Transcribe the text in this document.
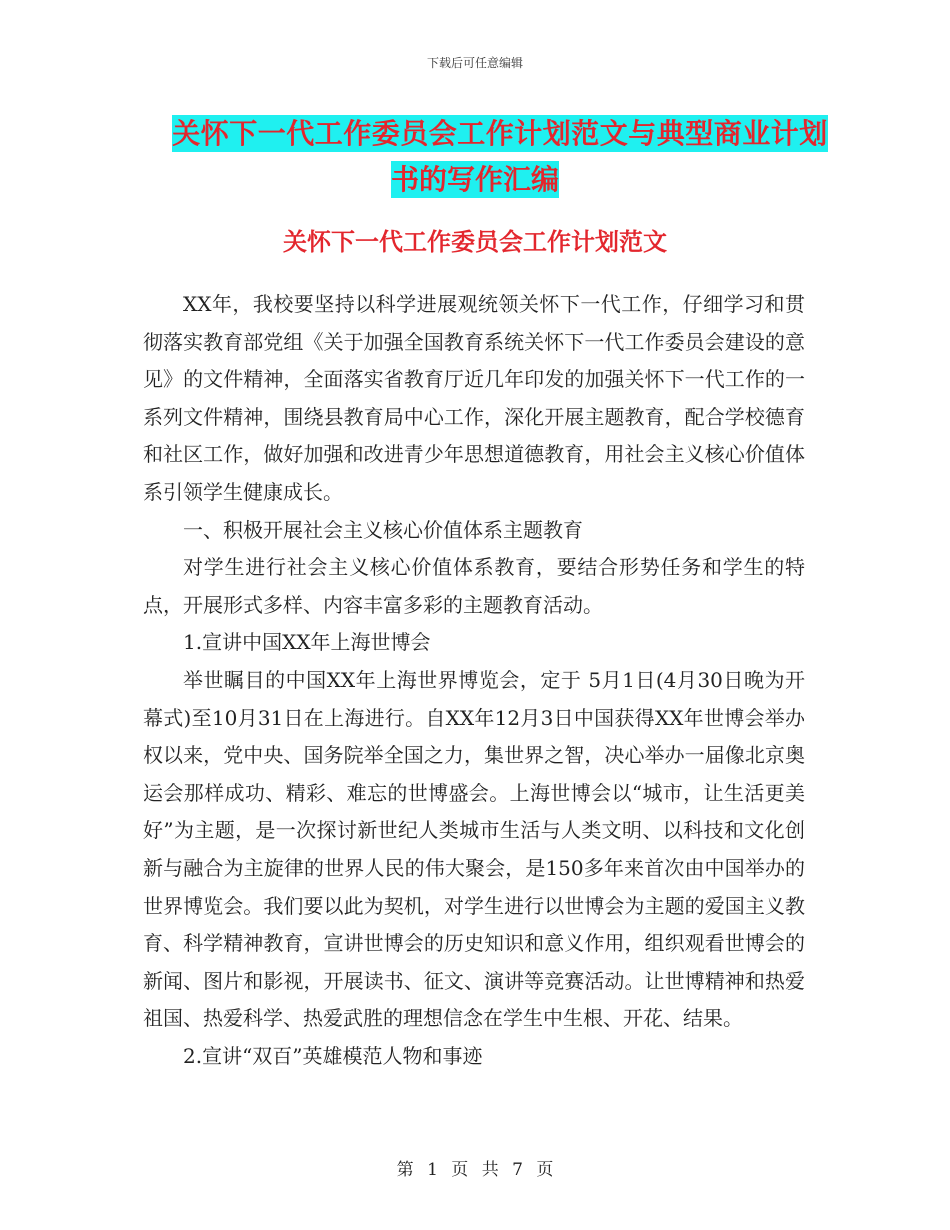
下载后可任意编辑
关怀下一代工作委员会工作计划范文与典型商业计划
书的写作汇编
关怀下一代工作委员会工作计划范文

XX年，我校要坚持以科学进展观统领关怀下一代工作，仔细学习和贯彻落实教育部党组《关于加强全国教育系统关怀下一代工作委员会建设的意见》的文件精神，全面落实省教育厅近几年印发的加强关怀下一代工作的一系列文件精神，围绕县教育局中心工作，深化开展主题教育，配合学校德育和社区工作，做好加强和改进青少年思想道德教育，用社会主义核心价值体系引领学生健康成长。

一、积极开展社会主义核心价值体系主题教育

对学生进行社会主义核心价值体系教育，要结合形势任务和学生的特点，开展形式多样、内容丰富多彩的主题教育活动。

1.宣讲中国XX年上海世博会

举世瞩目的中国XX年上海世界博览会，定于 5月1日(4月30日晚为开幕式)至10月31日在上海进行。自XX年12月3日中国获得XX年世博会举办权以来，党中央、国务院举全国之力，集世界之智，决心举办一届像北京奥运会那样成功、精彩、难忘的世博盛会。上海世博会以“城市，让生活更美好”为主题，是一次探讨新世纪人类城市生活与人类文明、以科技和文化创新与融合为主旋律的世界人民的伟大聚会，是150多年来首次由中国举办的世界博览会。我们要以此为契机，对学生进行以世博会为主题的爱国主义教育、科学精神教育，宣讲世博会的历史知识和意义作用，组织观看世博会的新闻、图片和影视，开展读书、征文、演讲等竞赛活动。让世博精神和热爱祖国、热爱科学、热爱武胜的理想信念在学生中生根、开花、结果。

2.宣讲“双百”英雄模范人物和事迹

第 1 页 共 7 页
